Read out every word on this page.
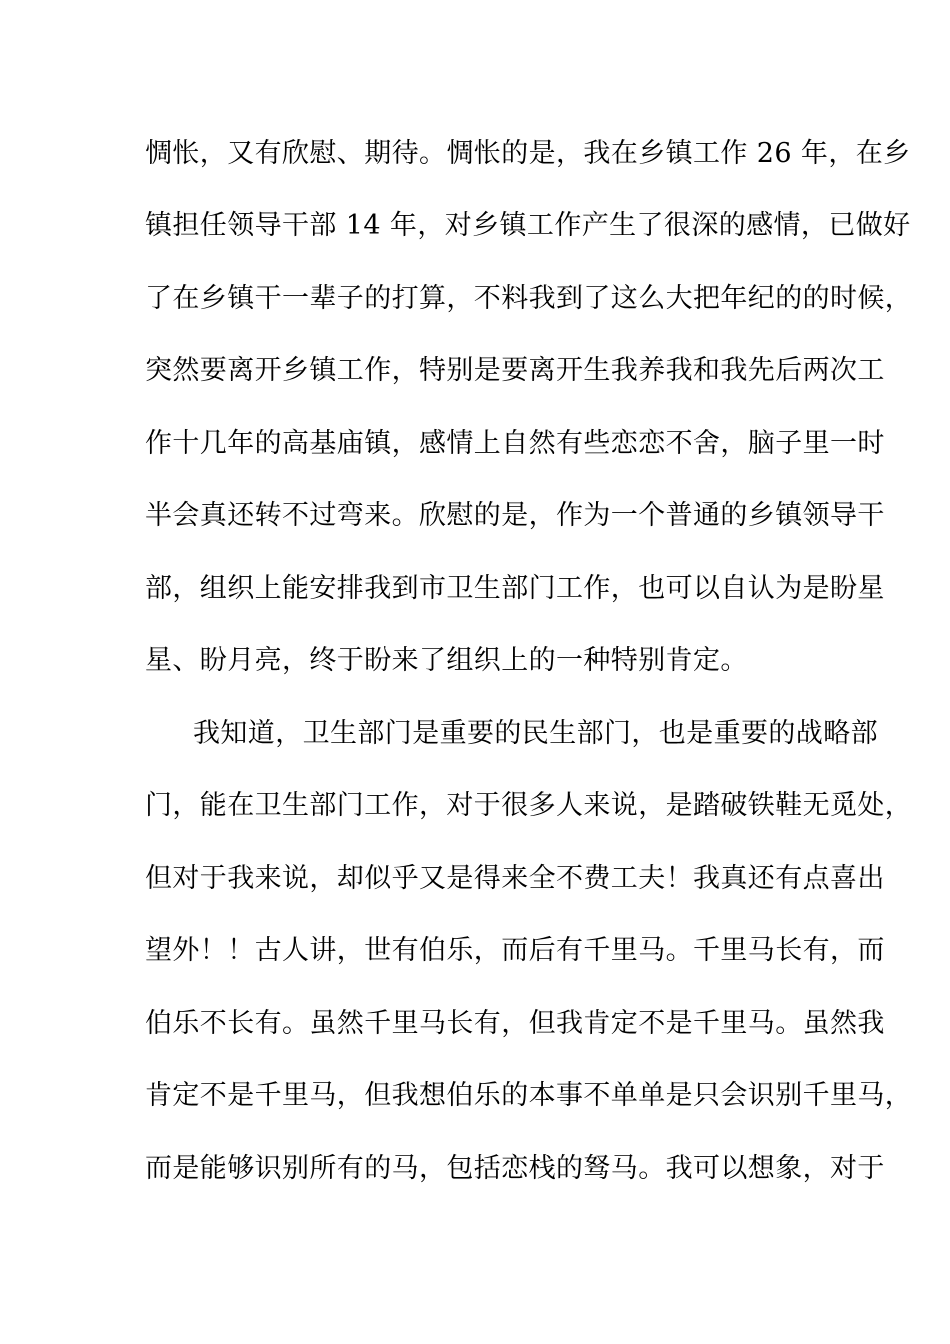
惆怅，又有欣慰、期待。惆怅的是，我在乡镇工作 26 年，在乡
镇担任领导干部 14 年，对乡镇工作产生了很深的感情，已做好
了在乡镇干一辈子的打算，不料我到了这么大把年纪的的时候，
突然要离开乡镇工作，特别是要离开生我养我和我先后两次工
作十几年的高基庙镇，感情上自然有些恋恋不舍，脑子里一时
半会真还转不过弯来。欣慰的是，作为一个普通的乡镇领导干
部，组织上能安排我到市卫生部门工作，也可以自认为是盼星
星、盼月亮，终于盼来了组织上的一种特别肯定。
我知道，卫生部门是重要的民生部门，也是重要的战略部
门，能在卫生部门工作，对于很多人来说，是踏破铁鞋无觅处，
但对于我来说，却似乎又是得来全不费工夫！我真还有点喜出
望外！！古人讲，世有伯乐，而后有千里马。千里马长有，而
伯乐不长有。虽然千里马长有，但我肯定不是千里马。虽然我
肯定不是千里马，但我想伯乐的本事不单单是只会识别千里马，
而是能够识别所有的马，包括恋栈的驽马。我可以想象，对于
